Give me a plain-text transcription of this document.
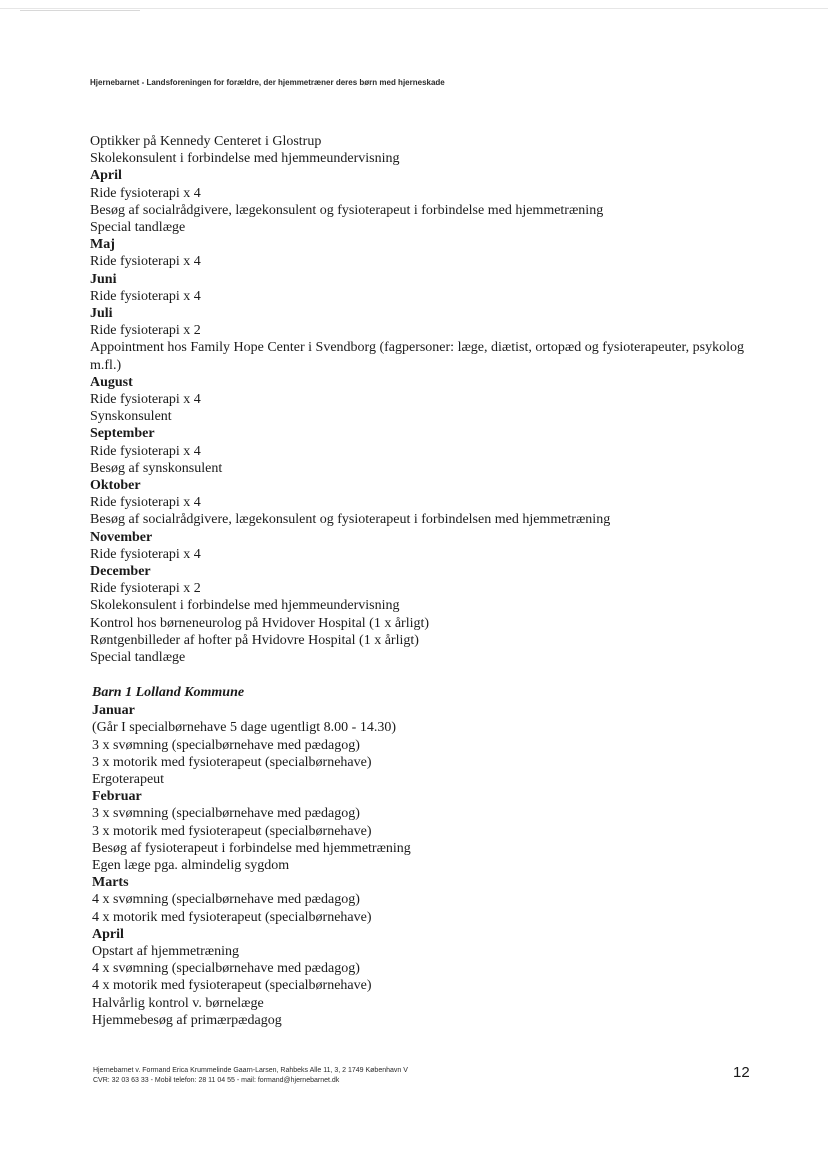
Hjernebarnet - Landsforeningen for forældre, der hjemmetræner deres børn med hjerneskade
Optikker på Kennedy Centeret i Glostrup
Skolekonsulent i forbindelse med hjemmeundervisning
April
Ride fysioterapi x 4
Besøg af socialrådgivere, lægekonsulent og fysioterapeut i forbindelse med hjemmetræning
Special tandlæge
Maj
Ride fysioterapi x 4
Juni
Ride fysioterapi x 4
Juli
Ride fysioterapi x 2
Appointment hos Family Hope Center i Svendborg (fagpersoner: læge, diætist, ortopæd og fysioterapeuter, psykolog m.fl.)
August
Ride fysioterapi x 4
Synskonsulent
September
Ride fysioterapi x 4
Besøg af synskonsulent
Oktober
Ride fysioterapi x 4
Besøg af socialrådgivere, lægekonsulent og fysioterapeut i forbindelsen med hjemmetræning
November
Ride fysioterapi x 4
December
Ride fysioterapi x 2
Skolekonsulent i forbindelse med hjemmeundervisning
Kontrol hos børneneurolog på Hvidover Hospital (1 x årligt)
Røntgenbilleder af hofter på Hvidovre Hospital (1 x årligt)
Special tandlæge
Barn 1 Lolland Kommune
Januar
(Går I specialbørnehave 5 dage ugentligt 8.00 - 14.30)
3 x svømning (specialbørnehave med pædagog)
3 x motorik med fysioterapeut (specialbørnehave)
Ergoterapeut
Februar
3 x svømning (specialbørnehave med pædagog)
3 x motorik med fysioterapeut (specialbørnehave)
Besøg af fysioterapeut i forbindelse med hjemmetræning
Egen læge pga. almindelig sygdom
Marts
4 x svømning (specialbørnehave med pædagog)
4 x motorik med fysioterapeut (specialbørnehave)
April
Opstart af hjemmetræning
4 x svømning (specialbørnehave med pædagog)
4 x motorik med fysioterapeut (specialbørnehave)
Halvårlig kontrol v. børnelæge
Hjemmebesøg af primærpædagog
Hjernebarnet v. Formand Erica Krummelinde Gaarn-Larsen, Rahbeks Alle 11, 3, 2 1749 København V
CVR: 32 03 63 33 - Mobil telefon: 28 11 04 55 - mail: formand@hjernebarnet.dk	12
